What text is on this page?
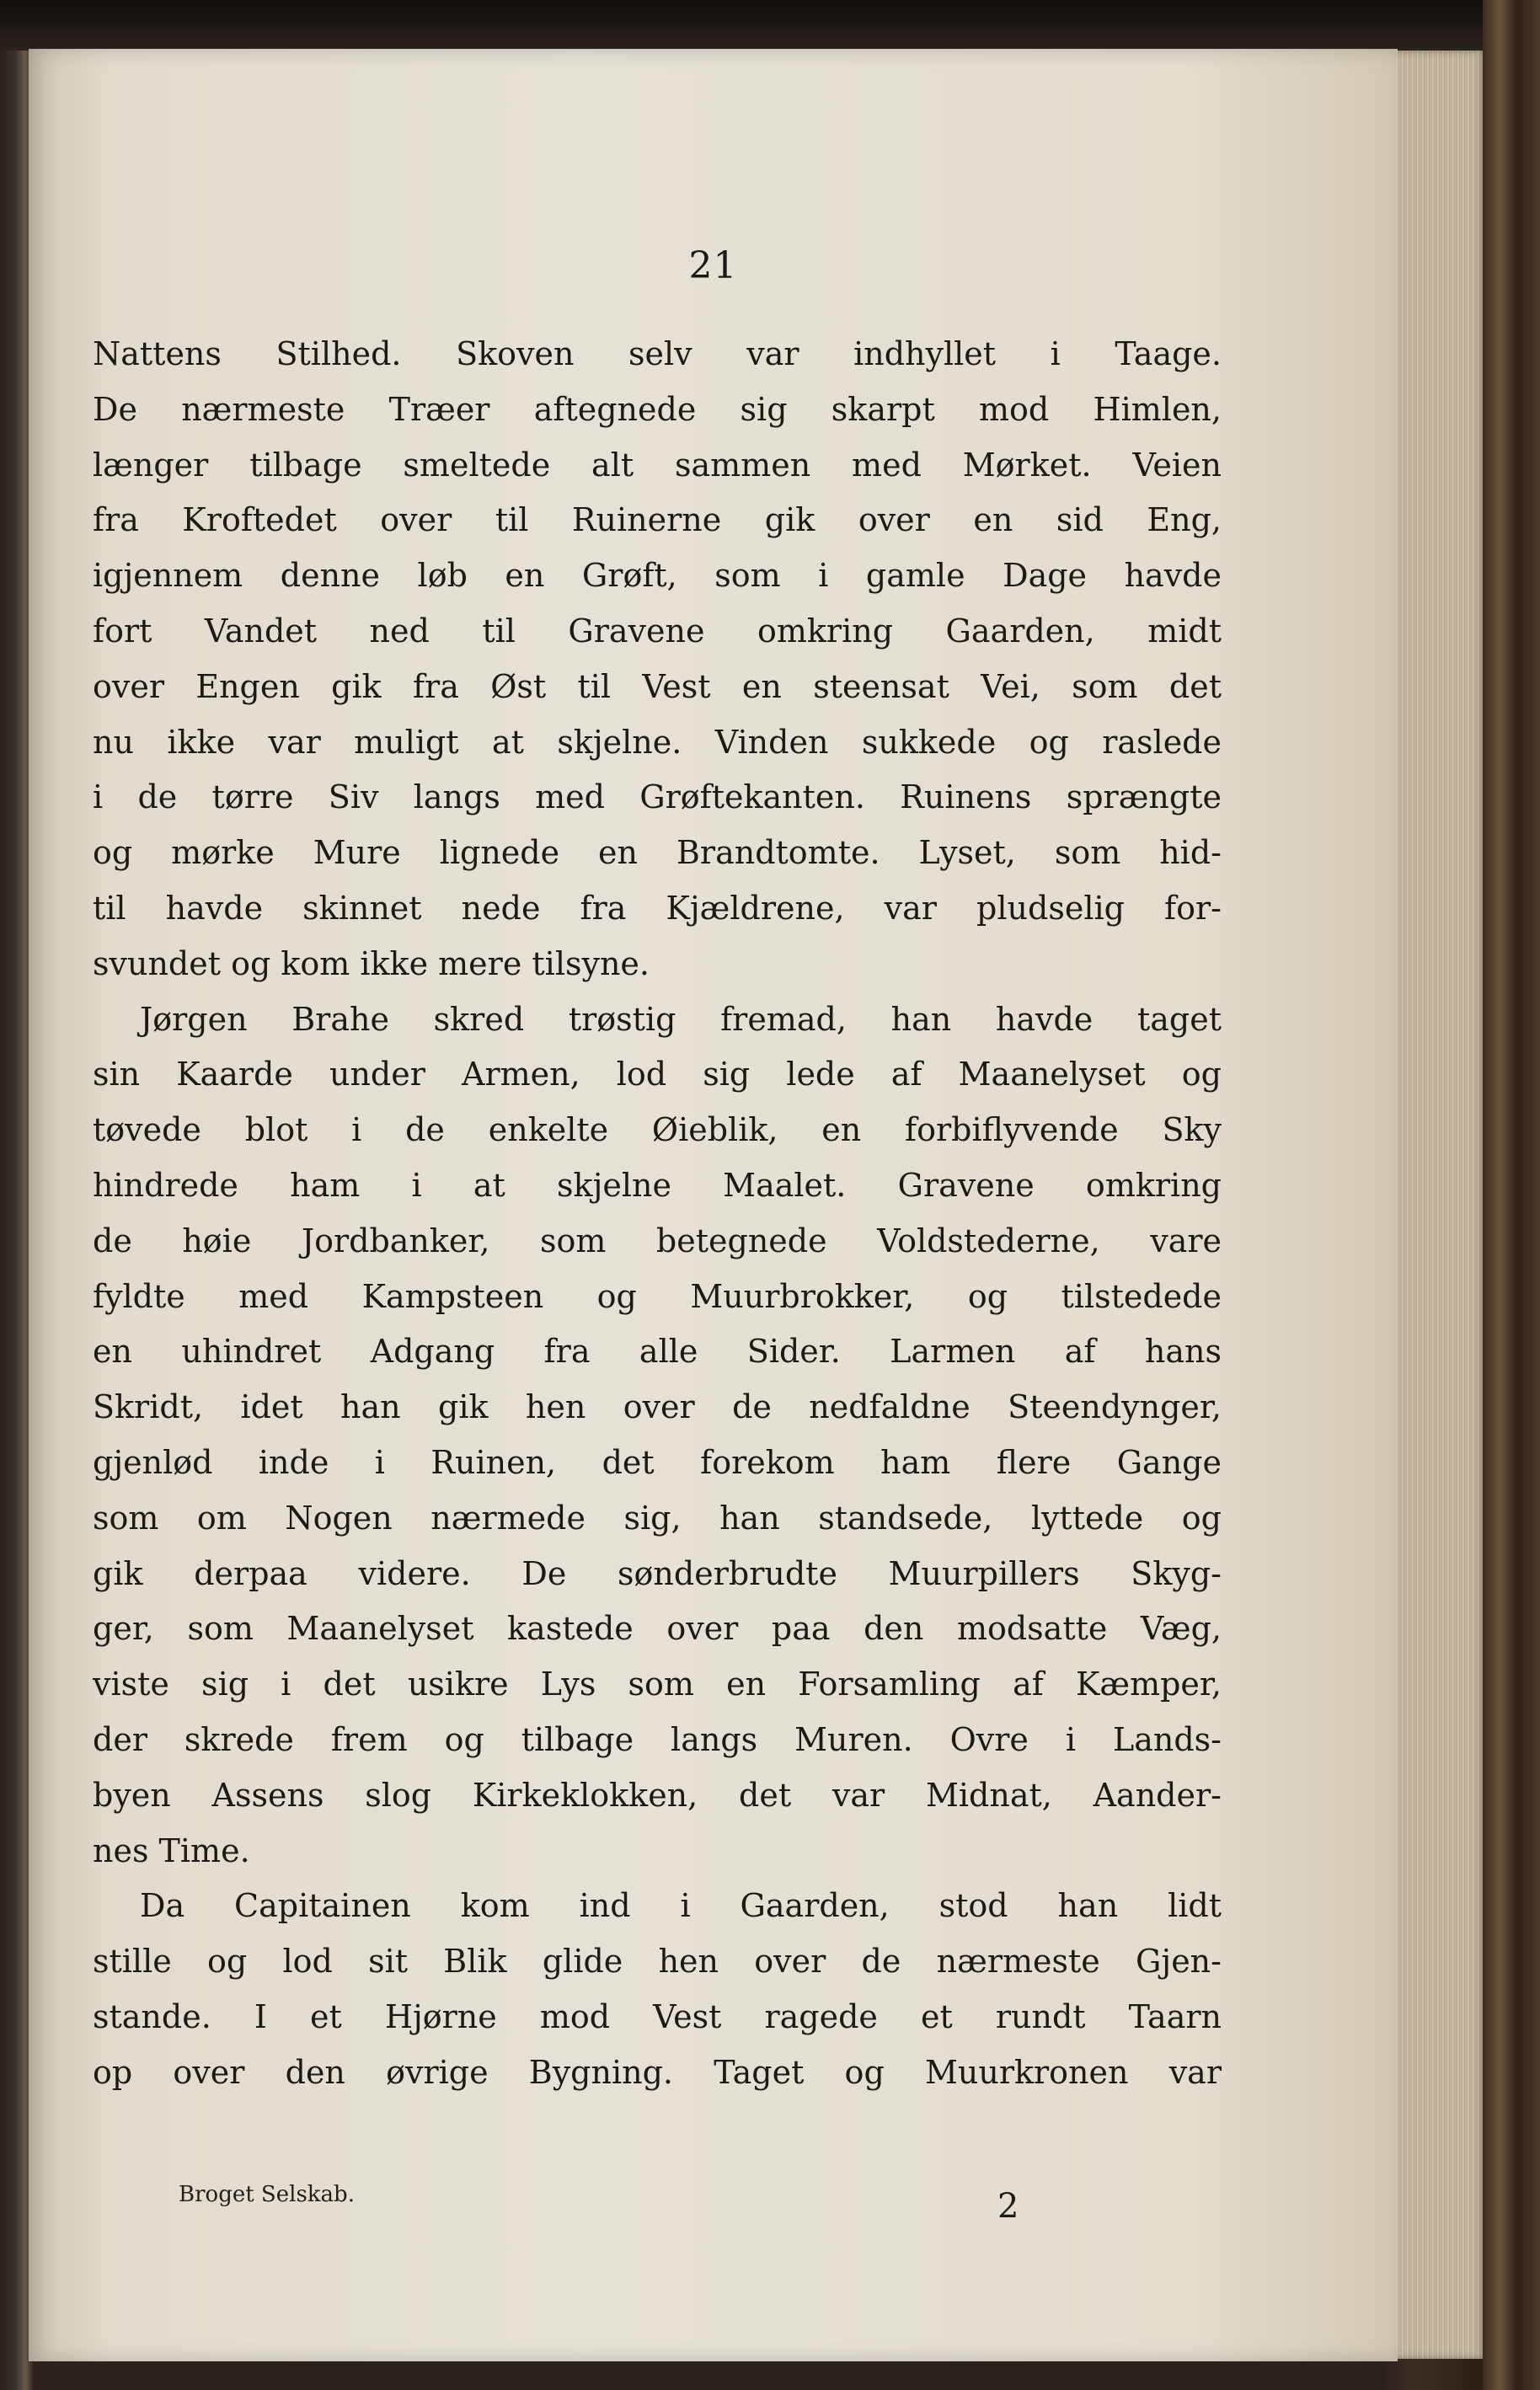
21
Nattens Stilhed. Skoven selv var indhyllet i Taage.
De nærmeste Træer aftegnede sig skarpt mod Himlen,
længer tilbage smeltede alt sammen med Mørket. Veien
fra Kroftedet over til Ruinerne gik over en sid Eng,
igjennem denne løb en Grøft, som i gamle Dage havde
fort Vandet ned til Gravene omkring Gaarden, midt
over Engen gik fra Øst til Vest en steensat Vei, som det
nu ikke var muligt at skjelne. Vinden sukkede og raslede
i de tørre Siv langs med Grøftekanten. Ruinens sprængte
og mørke Mure lignede en Brandtomte. Lyset, som hid-
til havde skinnet nede fra Kjældrene, var pludselig for-
svundet og kom ikke mere tilsyne.
Jørgen Brahe skred trøstig fremad, han havde taget
sin Kaarde under Armen, lod sig lede af Maanelyset og
tøvede blot i de enkelte Øieblik, en forbiflyvende Sky
hindrede ham i at skjelne Maalet. Gravene omkring
de høie Jordbanker, som betegnede Voldstederne, vare
fyldte med Kampsteen og Muurbrokker, og tilstedede
en uhindret Adgang fra alle Sider. Larmen af hans
Skridt, idet han gik hen over de nedfaldne Steendynger,
gjenlød inde i Ruinen, det forekom ham flere Gange
som om Nogen nærmede sig, han standsede, lyttede og
gik derpaa videre. De sønderbrudte Muurpillers Skyg-
ger, som Maanelyset kastede over paa den modsatte Væg,
viste sig i det usikre Lys som en Forsamling af Kæmper,
der skrede frem og tilbage langs Muren. Ovre i Lands-
byen Assens slog Kirkeklokken, det var Midnat, Aander-
nes Time.
Da Capitainen kom ind i Gaarden, stod han lidt
stille og lod sit Blik glide hen over de nærmeste Gjen-
stande. I et Hjørne mod Vest ragede et rundt Taarn
op over den øvrige Bygning. Taget og Muurkronen var
Broget Selskab.	2
